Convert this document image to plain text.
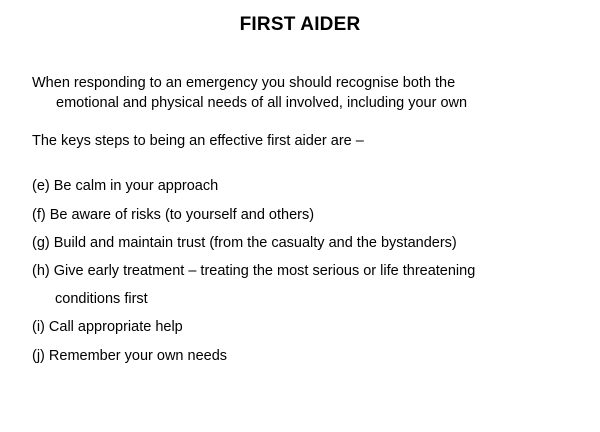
FIRST AIDER
When responding to an emergency you should recognise both the
emotional and physical needs of all involved, including your own
The keys steps to being an effective first aider are –
(e) Be calm in your approach
(f) Be aware of risks (to yourself and others)
(g) Build and maintain trust (from the casualty and the bystanders)
(h) Give early treatment – treating the most serious or life threatening
conditions first
(i) Call appropriate help
(j) Remember your own needs
